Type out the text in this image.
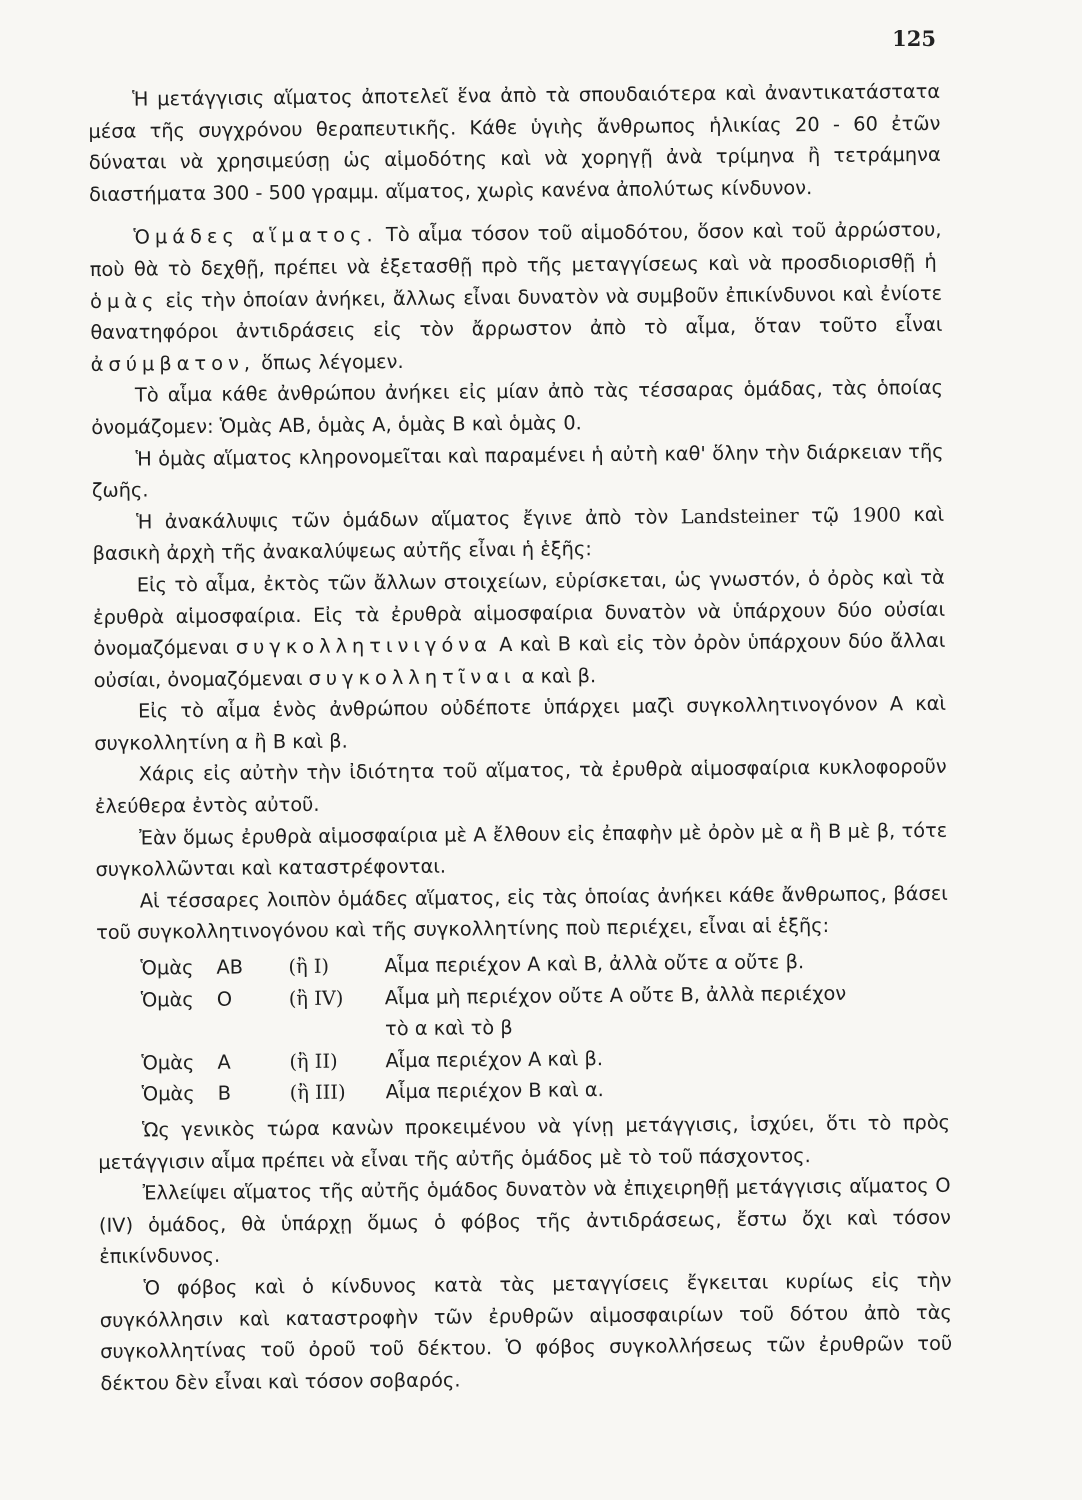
125

Ἡ μετάγγισις αἵματος ἀποτελεῖ ἕνα ἀπὸ τὰ σπουδαιότερα καὶ ἀναντικατάστατα μέσα τῆς συγχρόνου θεραπευτικῆς. Κάθε ὑγιὴς ἄνθρωπος ἡλικίας 20 - 60 ἐτῶν δύναται νὰ χρησιμεύσῃ ὡς αἱμοδότης καὶ νὰ χορηγῇ ἀνὰ τρίμηνα ἢ τετράμηνα διαστήματα 300 - 500 γραμμ. αἵματος, χωρὶς κανένα ἀπολύτως κίνδυνον.

Ὁμάδες αἵματος. Τὸ αἷμα τόσον τοῦ αἱμοδότου, ὅσον καὶ τοῦ ἀρρώστου, ποὺ θὰ τὸ δεχθῇ, πρέπει νὰ ἐξετασθῇ πρὸ τῆς μεταγγίσεως καὶ νὰ προσδιορισθῇ ἡ ὁμὰς εἰς τὴν ὁποίαν ἀνήκει, ἄλλως εἶναι δυνατὸν νὰ συμβοῦν ἐπικίνδυνοι καὶ ἐνίοτε θανατηφόροι ἀντιδράσεις εἰς τὸν ἄρρωστον ἀπὸ τὸ αἷμα, ὅταν τοῦτο εἶναι ἀσύμβατον, ὅπως λέγομεν.

Τὸ αἷμα κάθε ἀνθρώπου ἀνήκει εἰς μίαν ἀπὸ τὰς τέσσαρας ὁμάδας, τὰς ὁποίας ὀνομάζομεν: Ὁμὰς ΑΒ, ὁμὰς Α, ὁμὰς Β καὶ ὁμὰς 0.

Ἡ ὁμὰς αἵματος κληρονομεῖται καὶ παραμένει ἡ αὐτὴ καθ' ὅλην τὴν διάρκειαν τῆς ζωῆς.

Ἡ ἀνακάλυψις τῶν ὁμάδων αἵματος ἔγινε ἀπὸ τὸν Landsteiner τῷ 1900 καὶ βασικὴ ἀρχὴ τῆς ἀνακαλύψεως αὐτῆς εἶναι ἡ ἑξῆς:

Εἰς τὸ αἷμα, ἐκτὸς τῶν ἄλλων στοιχείων, εὑρίσκεται, ὡς γνωστόν, ὁ ὀρὸς καὶ τὰ ἐρυθρὰ αἱμοσφαίρια. Εἰς τὰ ἐρυθρὰ αἱμοσφαίρια δυνατὸν νὰ ὑπάρχουν δύο οὐσίαι ὀνομαζόμεναι συγκολλητινιγόνα Α καὶ Β καὶ εἰς τὸν ὀρὸν ὑπάρχουν δύο ἄλλαι οὐσίαι, ὀνομαζόμεναι συγκολλητῖναι α καὶ β.

Εἰς τὸ αἷμα ἑνὸς ἀνθρώπου οὐδέποτε ὑπάρχει μαζὶ συγκολλητινογόνον Α καὶ συγκολλητίνη α ἢ Β καὶ β.

Χάρις εἰς αὐτὴν τὴν ἰδιότητα τοῦ αἵματος, τὰ ἐρυθρὰ αἱμοσφαίρια κυκλοφοροῦν ἐλεύθερα ἐντὸς αὐτοῦ.

Ἐὰν ὅμως ἐρυθρὰ αἱμοσφαίρια μὲ Α ἔλθουν εἰς ἐπαφὴν μὲ ὀρὸν μὲ α ἢ Β μὲ β, τότε συγκολλῶνται καὶ καταστρέφονται.

Αἱ τέσσαρες λοιπὸν ὁμάδες αἵματος, εἰς τὰς ὁποίας ἀνήκει κάθε ἄνθρωπος, βάσει τοῦ συγκολλητινογόνου καὶ τῆς συγκολλητίνης ποὺ περιέχει, εἶναι αἱ ἑξῆς:

Ὁμὰς	ΑΒ	(ἢ I)	Αἷμα περιέχον Α καὶ Β, ἀλλὰ οὔτε α οὔτε β.
Ὁμὰς	Ο	(ἢ IV)	Αἷμα μὴ περιέχον οὔτε Α οὔτε Β, ἀλλὰ περιέχον
τὸ α καὶ τὸ β
Ὁμὰς	Α	(ἢ II)	Αἷμα περιέχον Α καὶ β.
Ὁμὰς	Β	(ἢ III)	Αἷμα περιέχον Β καὶ α.

Ὡς γενικὸς τώρα κανὼν προκειμένου νὰ γίνῃ μετάγγισις, ἰσχύει, ὅτι τὸ πρὸς μετάγγισιν αἷμα πρέπει νὰ εἶναι τῆς αὐτῆς ὁμάδος μὲ τὸ τοῦ πάσχοντος.

Ἐλλείψει αἵματος τῆς αὐτῆς ὁμάδος δυνατὸν νὰ ἐπιχειρηθῇ μετάγγισις αἵματος Ο (IV) ὁμάδος, θὰ ὑπάρχῃ ὅμως ὁ φόβος τῆς ἀντιδράσεως, ἔστω ὄχι καὶ τόσον ἐπικίνδυνος.

Ὁ φόβος καὶ ὁ κίνδυνος κατὰ τὰς μεταγγίσεις ἔγκειται κυρίως εἰς τὴν συγκόλλησιν καὶ καταστροφὴν τῶν ἐρυθρῶν αἱμοσφαιρίων τοῦ δότου ἀπὸ τὰς συγκολλητίνας τοῦ ὀροῦ τοῦ δέκτου. Ὁ φόβος συγκολλήσεως τῶν ἐρυθρῶν τοῦ δέκτου δὲν εἶναι καὶ τόσον σοβαρός.
